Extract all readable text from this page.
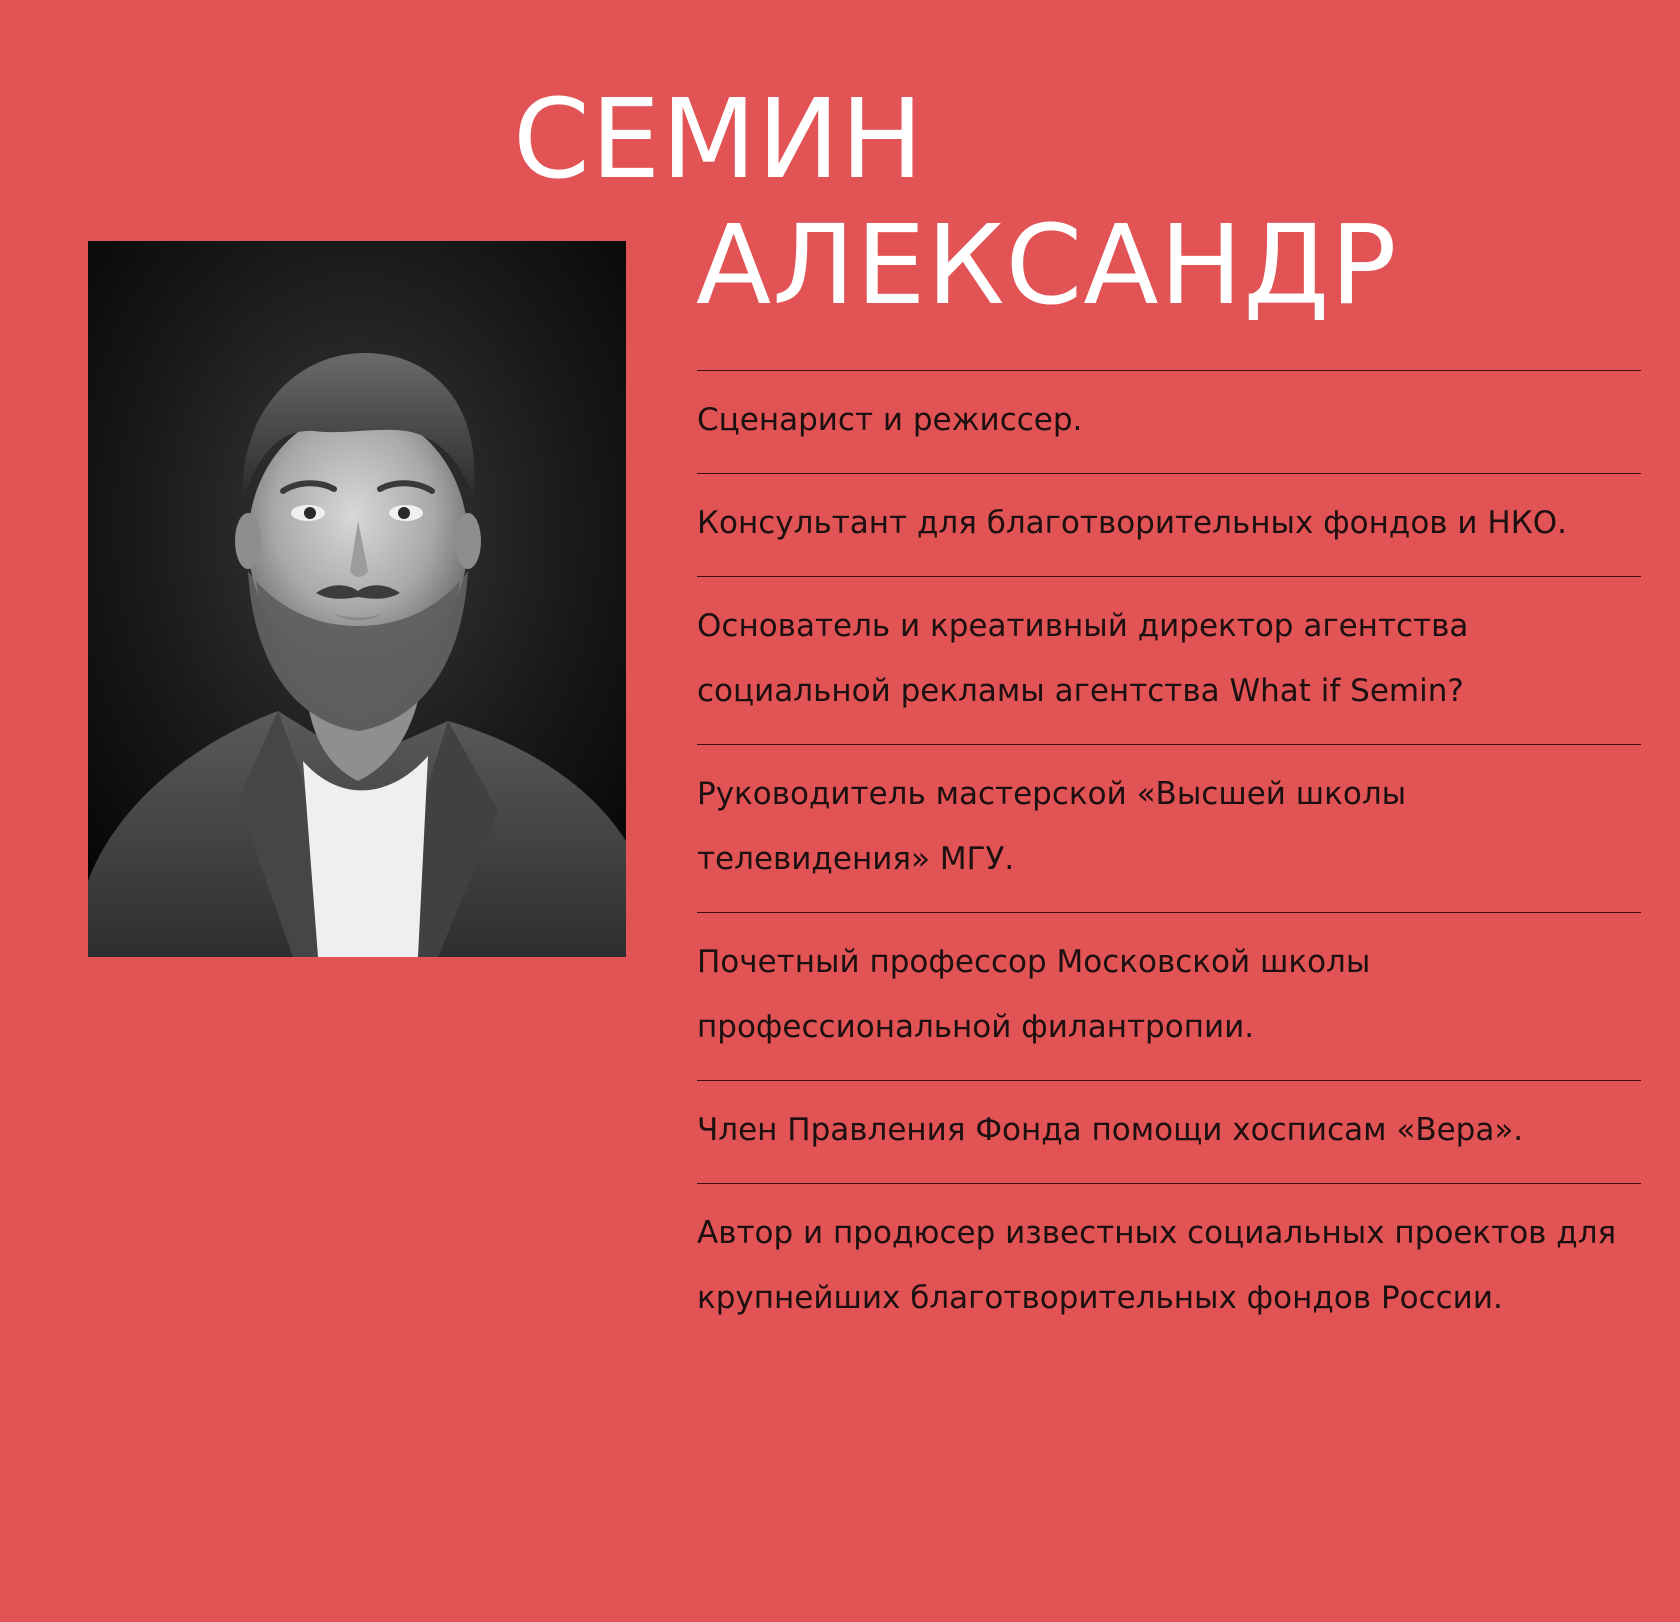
СЕМИН
АЛЕКСАНДР
Сценарист и режиссер.
Консультант для благотворительных фондов и НКО.
Основатель и креативный директор агентства социальной рекламы агентства What if Semin?
Руководитель мастерской «Высшей школы телевидения» МГУ.
Почетный профессор Московской школы профессиональной филантропии.
Член Правления Фонда помощи хосписам «Вера».
Автор и продюсер известных социальных проектов для крупнейших благотворительных фондов России.
